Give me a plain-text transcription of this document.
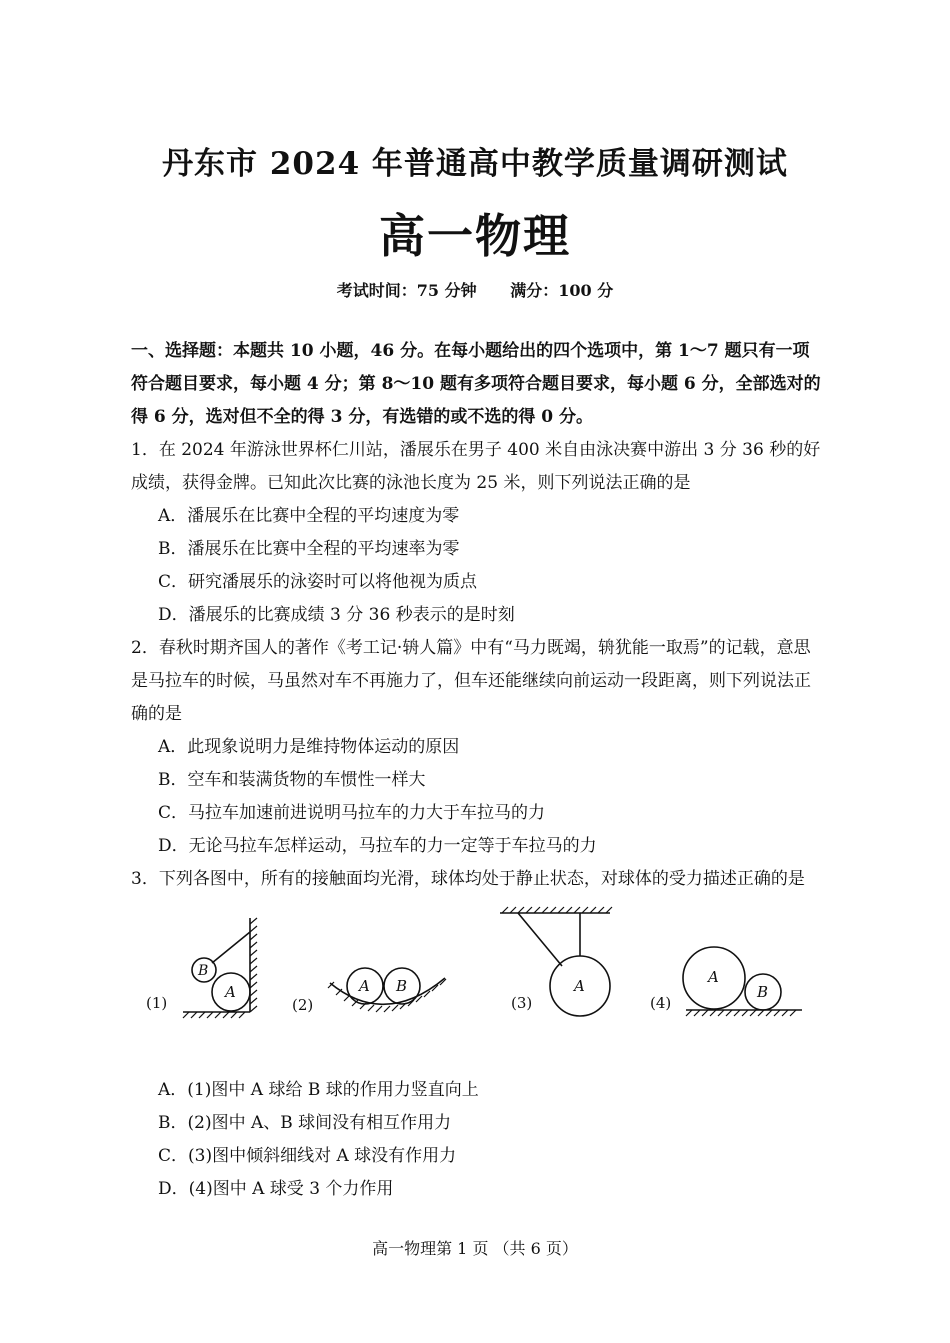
丹东市 2024 年普通高中教学质量调研测试
高一物理
考试时间：75 分钟 满分：100 分
一、选择题：本题共 10 小题，46 分。在每小题给出的四个选项中，第 1～7 题只有一项符合题目要求，每小题 4 分；第 8～10 题有多项符合题目要求，每小题 6 分，全部选对的得 6 分，选对但不全的得 3 分，有选错的或不选的得 0 分。
1．在 2024 年游泳世界杯仁川站，潘展乐在男子 400 米自由泳决赛中游出 3 分 36 秒的好成绩，获得金牌。已知此次比赛的泳池长度为 25 米，则下列说法正确的是
A．潘展乐在比赛中全程的平均速度为零
B．潘展乐在比赛中全程的平均速率为零
C．研究潘展乐的泳姿时可以将他视为质点
D．潘展乐的比赛成绩 3 分 36 秒表示的是时刻
2．春秋时期齐国人的著作《考工记·辀人篇》中有“马力既竭，辀犹能一取焉”的记载，意思是马拉车的时候，马虽然对车不再施力了，但车还能继续向前运动一段距离，则下列说法正确的是
A．此现象说明力是维持物体运动的原因
B．空车和装满货物的车惯性一样大
C．马拉车加速前进说明马拉车的力大于车拉马的力
D．无论马拉车怎样运动，马拉车的力一定等于车拉马的力
3．下列各图中，所有的接触面均光滑，球体均处于静止状态，对球体的受力描述正确的是
A
B
(1)
A B
(2)
A
(3)
A
B
(4)
A．(1)图中 A 球给 B 球的作用力竖直向上
B．(2)图中 A、B 球间没有相互作用力
C．(3)图中倾斜细线对 A 球没有作用力
D．(4)图中 A 球受 3 个力作用
高一物理第 1 页 （共 6 页）
